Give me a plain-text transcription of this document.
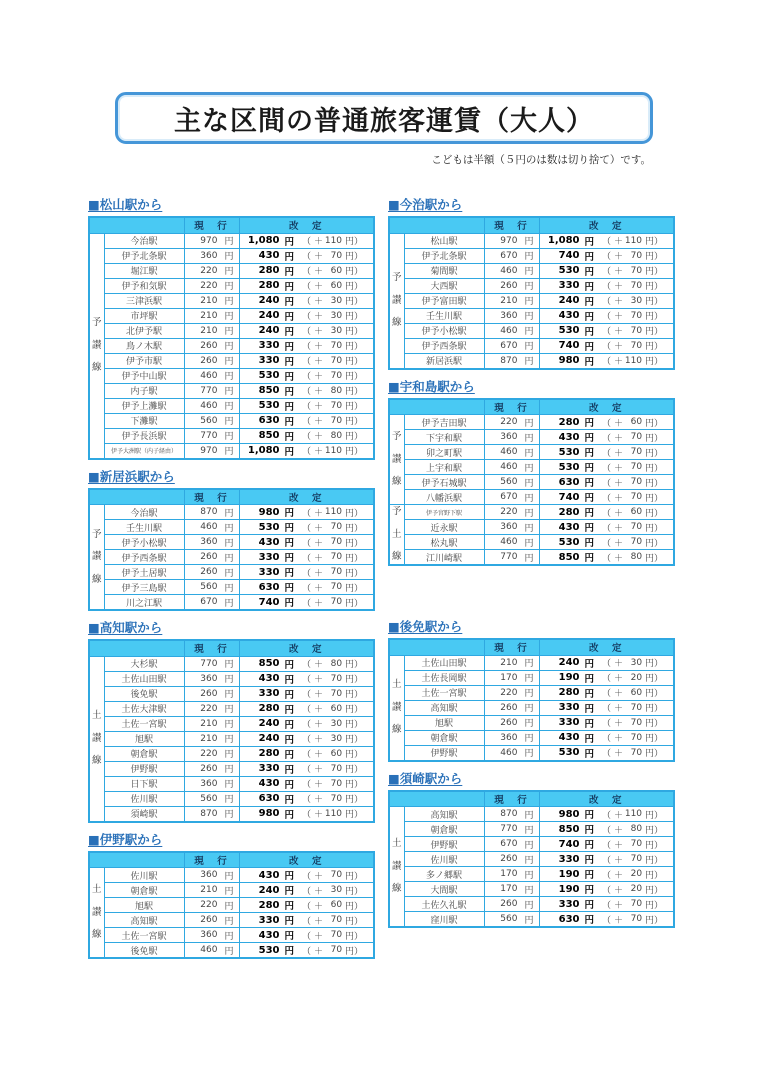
主な区間の普通旅客運賃（大人）
こどもは半額（５円のは数は切り捨て）です。
■松山駅から
		現　行	改　定

予
讃
線
	今治駅	970 円	1,080 円 （ ＋ 110 円）

伊予北条駅	360 円	430 円 （ ＋ 70 円）

堀江駅	220 円	280 円 （ ＋ 60 円）

伊予和気駅	220 円	280 円 （ ＋ 60 円）

三津浜駅	210 円	240 円 （ ＋ 30 円）

市坪駅	210 円	240 円 （ ＋ 30 円）

北伊予駅	210 円	240 円 （ ＋ 30 円）

鳥ノ木駅	260 円	330 円 （ ＋ 70 円）

伊予市駅	260 円	330 円 （ ＋ 70 円）

伊予中山駅	460 円	530 円 （ ＋ 70 円）

内子駅	770 円	850 円 （ ＋ 80 円）

伊予上灘駅	460 円	530 円 （ ＋ 70 円）

下灘駅	560 円	630 円 （ ＋ 70 円）

伊予長浜駅	770 円	850 円 （ ＋ 80 円）

伊予大洲駅（内子経由）	970 円	1,080 円 （ ＋ 110 円）
■新居浜駅から
		現　行	改　定

予
讃
線
	今治駅	870 円	980 円 （ ＋ 110 円）

壬生川駅	460 円	530 円 （ ＋ 70 円）

伊予小松駅	360 円	430 円 （ ＋ 70 円）

伊予西条駅	260 円	330 円 （ ＋ 70 円）

伊予土居駅	260 円	330 円 （ ＋ 70 円）

伊予三島駅	560 円	630 円 （ ＋ 70 円）

川之江駅	670 円	740 円 （ ＋ 70 円）
■高知駅から
		現　行	改　定

土
讃
線
	大杉駅	770 円	850 円 （ ＋ 80 円）

土佐山田駅	360 円	430 円 （ ＋ 70 円）

後免駅	260 円	330 円 （ ＋ 70 円）

土佐大津駅	220 円	280 円 （ ＋ 60 円）

土佐一宮駅	210 円	240 円 （ ＋ 30 円）

旭駅	210 円	240 円 （ ＋ 30 円）

朝倉駅	220 円	280 円 （ ＋ 60 円）

伊野駅	260 円	330 円 （ ＋ 70 円）

日下駅	360 円	430 円 （ ＋ 70 円）

佐川駅	560 円	630 円 （ ＋ 70 円）

須崎駅	870 円	980 円 （ ＋ 110 円）
■伊野駅から
		現　行	改　定

土
讃
線
	佐川駅	360 円	430 円 （ ＋ 70 円）

朝倉駅	210 円	240 円 （ ＋ 30 円）

旭駅	220 円	280 円 （ ＋ 60 円）

高知駅	260 円	330 円 （ ＋ 70 円）

土佐一宮駅	360 円	430 円 （ ＋ 70 円）

後免駅	460 円	530 円 （ ＋ 70 円）
■今治駅から
		現　行	改　定

予
讃
線
	松山駅	970 円	1,080 円 （ ＋ 110 円）

伊予北条駅	670 円	740 円 （ ＋ 70 円）

菊間駅	460 円	530 円 （ ＋ 70 円）

大西駅	260 円	330 円 （ ＋ 70 円）

伊予富田駅	210 円	240 円 （ ＋ 30 円）

壬生川駅	360 円	430 円 （ ＋ 70 円）

伊予小松駅	460 円	530 円 （ ＋ 70 円）

伊予西条駅	670 円	740 円 （ ＋ 70 円）

新居浜駅	870 円	980 円 （ ＋ 110 円）
■宇和島駅から
		現　行	改　定

予
讃
線
	伊予吉田駅	220 円	280 円 （ ＋ 60 円）

下宇和駅	360 円	430 円 （ ＋ 70 円）

卯之町駅	460 円	530 円 （ ＋ 70 円）

上宇和駅	460 円	530 円 （ ＋ 70 円）

伊予石城駅	560 円	630 円 （ ＋ 70 円）

八幡浜駅	670 円	740 円 （ ＋ 70 円）

予
土
線
	伊予宮野下駅	220 円	280 円 （ ＋ 60 円）

近永駅	360 円	430 円 （ ＋ 70 円）

松丸駅	460 円	530 円 （ ＋ 70 円）

江川崎駅	770 円	850 円 （ ＋ 80 円）
■後免駅から
		現　行	改　定

土
讃
線
	土佐山田駅	210 円	240 円 （ ＋ 30 円）

土佐長岡駅	170 円	190 円 （ ＋ 20 円）

土佐一宮駅	220 円	280 円 （ ＋ 60 円）

高知駅	260 円	330 円 （ ＋ 70 円）

旭駅	260 円	330 円 （ ＋ 70 円）

朝倉駅	360 円	430 円 （ ＋ 70 円）

伊野駅	460 円	530 円 （ ＋ 70 円）
■須崎駅から
		現　行	改　定

土
讃
線
	高知駅	870 円	980 円 （ ＋ 110 円）

朝倉駅	770 円	850 円 （ ＋ 80 円）

伊野駅	670 円	740 円 （ ＋ 70 円）

佐川駅	260 円	330 円 （ ＋ 70 円）

多ノ郷駅	170 円	190 円 （ ＋ 20 円）

大間駅	170 円	190 円 （ ＋ 20 円）

土佐久礼駅	260 円	330 円 （ ＋ 70 円）

窪川駅	560 円	630 円 （ ＋ 70 円）
